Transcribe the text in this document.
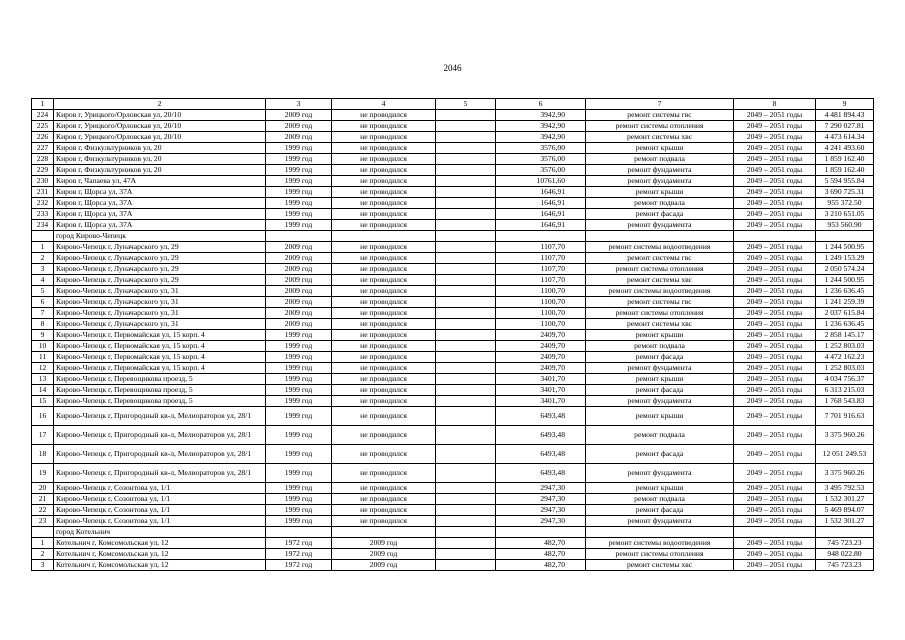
2046
1	2	3	4	5	6	7	8	9
224	Киров г, Урицкого/Орловская ул, 20/10	2009 год	не проводился		3942,90	ремонт системы гвс	2049 – 2051 годы	4 481 894.43
225	Киров г, Урицкого/Орловская ул, 20/10	2009 год	не проводился		3942,90	ремонт системы отопления	2049 – 2051 годы	7 290 027.81
226	Киров г, Урицкого/Орловская ул, 20/10	2009 год	не проводился		3942,90	ремонт системы хвс	2049 – 2051 годы	4 473 614.34
227	Киров г, Физкультурников ул, 20	1999 год	не проводился		3576,00	ремонт крыши	2049 – 2051 годы	4 241 493.60
228	Киров г, Физкультурников ул, 20	1999 год	не проводился		3576,00	ремонт подвала	2049 – 2051 годы	1 859 162.40
229	Киров г, Физкультурников ул, 20	1999 год	не проводился		3576,00	ремонт фундамента	2049 – 2051 годы	1 859 162.40
230	Киров г, Чапаева ул, 47А	1999 год	не проводился		10761,60	ремонт фундамента	2049 – 2051 годы	5 594 955.84
231	Киров г, Щорса ул, 37А	1999 год	не проводился		1646,91	ремонт крыши	2049 – 2051 годы	3 690 725.31
232	Киров г, Щорса ул, 37А	1999 год	не проводился		1646,91	ремонт подвала	2049 – 2051 годы	955 372.50
233	Киров г, Щорса ул, 37А	1999 год	не проводился		1646,91	ремонт фасада	2049 – 2051 годы	3 210 651.05
234	Киров г, Щорса ул, 37А	1999 год	не проводился		1646,91	ремонт фундамента	2049 – 2051 годы	953 560.90
	город Кирово-Чепецк							
1	Кирово-Чепецк г, Луначарского ул, 29	2009 год	не проводился		1107,70	ремонт системы водоотведения	2049 – 2051 годы	1 244 500.95
2	Кирово-Чепецк г, Луначарского ул, 29	2009 год	не проводился		1107,70	ремонт системы гвс	2049 – 2051 годы	1 249 153.29
3	Кирово-Чепецк г, Луначарского ул, 29	2009 год	не проводился		1107,70	ремонт системы отопления	2049 – 2051 годы	2 050 574.24
4	Кирово-Чепецк г, Луначарского ул, 29	2009 год	не проводился		1107,70	ремонт системы хвс	2049 – 2051 годы	1 244 500.95
5	Кирово-Чепецк г, Луначарского ул, 31	2009 год	не проводился		1100,70	ремонт системы водоотведения	2049 – 2051 годы	1 236 636.45
6	Кирово-Чепецк г, Луначарского ул, 31	2009 год	не проводился		1100,70	ремонт системы гвс	2049 – 2051 годы	1 241 259.39
7	Кирово-Чепецк г, Луначарского ул, 31	2009 год	не проводился		1100,70	ремонт системы отопления	2049 – 2051 годы	2 037 615.84
8	Кирово-Чепецк г, Луначарского ул, 31	2009 год	не проводился		1100,70	ремонт системы хвс	2049 – 2051 годы	1 236 636.45
9	Кирово-Чепецк г, Первомайская ул, 15 корп. 4	1999 год	не проводился		2409,70	ремонт крыши	2049 – 2051 годы	2 858 145.17
10	Кирово-Чепецк г, Первомайская ул, 15 корп. 4	1999 год	не проводился		2409,70	ремонт подвала	2049 – 2051 годы	1 252 803.03
11	Кирово-Чепецк г, Первомайская ул, 15 корп. 4	1999 год	не проводился		2409,70	ремонт фасада	2049 – 2051 годы	4 472 162.23
12	Кирово-Чепецк г, Первомайская ул, 15 корп. 4	1999 год	не проводился		2409,70	ремонт фундамента	2049 – 2051 годы	1 252 803.03
13	Кирово-Чепецк г, Перевощикова проезд, 5	1999 год	не проводился		3401,70	ремонт крыши	2049 – 2051 годы	4 034 756.37
14	Кирово-Чепецк г, Перевощикова проезд, 5	1999 год	не проводился		3401,70	ремонт фасада	2049 – 2051 годы	6 313 215.03
15	Кирово-Чепецк г, Перевощикова проезд, 5	1999 год	не проводился		3401,70	ремонт фундамента	2049 – 2051 годы	1 768 543.83
16	Кирово-Чепецк г, Пригородный кв-л, Мелиораторов ул, 28/1	1999 год	не проводился		6493,48	ремонт крыши	2049 – 2051 годы	7 701 916.63
17	Кирово-Чепецк г, Пригородный кв-л, Мелиораторов ул, 28/1	1999 год	не проводился		6493,48	ремонт подвала	2049 – 2051 годы	3 375 960.26
18	Кирово-Чепецк г, Пригородный кв-л, Мелиораторов ул, 28/1	1999 год	не проводился		6493,48	ремонт фасада	2049 – 2051 годы	12 051 249.53
19	Кирово-Чепецк г, Пригородный кв-л, Мелиораторов ул, 28/1	1999 год	не проводился		6493,48	ремонт фундамента	2049 – 2051 годы	3 375 960.26
20	Кирово-Чепецк г, Созонтова ул, 1/1	1999 год	не проводился		2947,30	ремонт крыши	2049 – 2051 годы	3 495 792.53
21	Кирово-Чепецк г, Созонтова ул, 1/1	1999 год	не проводился		2947,30	ремонт подвала	2049 – 2051 годы	1 532 301.27
22	Кирово-Чепецк г, Созонтова ул, 1/1	1999 год	не проводился		2947,30	ремонт фасада	2049 – 2051 годы	5 469 894.07
23	Кирово-Чепецк г, Созонтова ул, 1/1	1999 год	не проводился		2947,30	ремонт фундамента	2049 – 2051 годы	1 532 301.27
	город Котельнич							
1	Котельнич г, Комсомольская ул, 12	1972 год	2009 год		482,70	ремонт системы водоотведения	2049 – 2051 годы	745 723.23
2	Котельнич г, Комсомольская ул, 12	1972 год	2009 год		482,70	ремонт системы отопления	2049 – 2051 годы	948 022.80
3	Котельнич г, Комсомольская ул, 12	1972 год	2009 год		482,70	ремонт системы хвс	2049 – 2051 годы	745 723.23
